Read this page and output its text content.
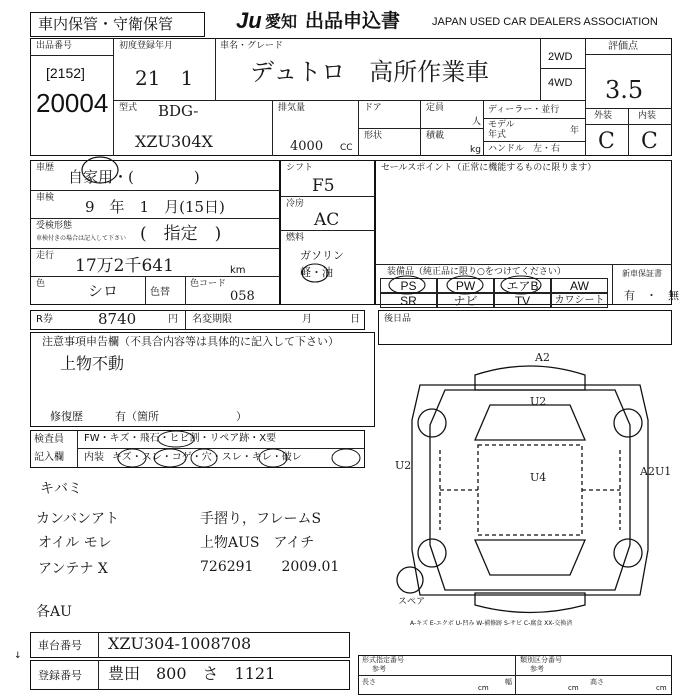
車内保管・守衛保管	Ju 愛知 出品申込書	JAPAN USED CAR DEALERS ASSOCIATION
出品番号
[2152]
20004
初度登録年月
21　1
車名・グレード
デュトロ　高所作業車
2WD
4WD
評価点
3.5
外装	内装
C C
型式 BDG-
XZU304X
排気量
4000 CC
ドア	定員
人
形状	積載
kg
ディーラー・並行
モデル
年式	年
ハンドル　左・右
車歴 自家用・(　　　　)
車検 9　年　1　月(15日)
受検形態
車検付きの場合は記入して下さい (　指定　)
走行 17万2千641	km
色	シロ	色替
色コード
058
シフト
F5
冷房
AC
燃料
ガソリン
軽・油
セールスポイント（正常に機能するものに限ります）
装備品（純正品に限り○をつけてください）
PS	PW	エアB	AW
SR	ナビ	TV	カワシート
新車保証書
有　・　無
R券	8740	円 名変期限	月	日
注意事項申告欄（不具合内容等は具体的に記入して下さい）
上物不動
修復歴	有（箇所　　　　　　　）
後日品
検査員
記入欄
FW・キズ・飛石・ヒビ割・リペア跡・X要
内装 キズ・スレ・コゲ・穴・スレ・キレ・破レ
キバミ
カンバンアト	手摺り，フレームS
オイル モレ	上物AUS　アイチ
アンテナ X	726291　　2009.01
各AU
A2
U2
U2
U4	A2U1
スペア
A-キズ E-エクボ U-凹み W-補修跡 S-サビ C-腐食 XX-交換済
車台番号 XZU304-1008708
登録番号 豊田　800　さ　1121
↓	形式指定番号
参考
類別区分番号
参考
長さ
cm
幅
cm
高さ
cm
